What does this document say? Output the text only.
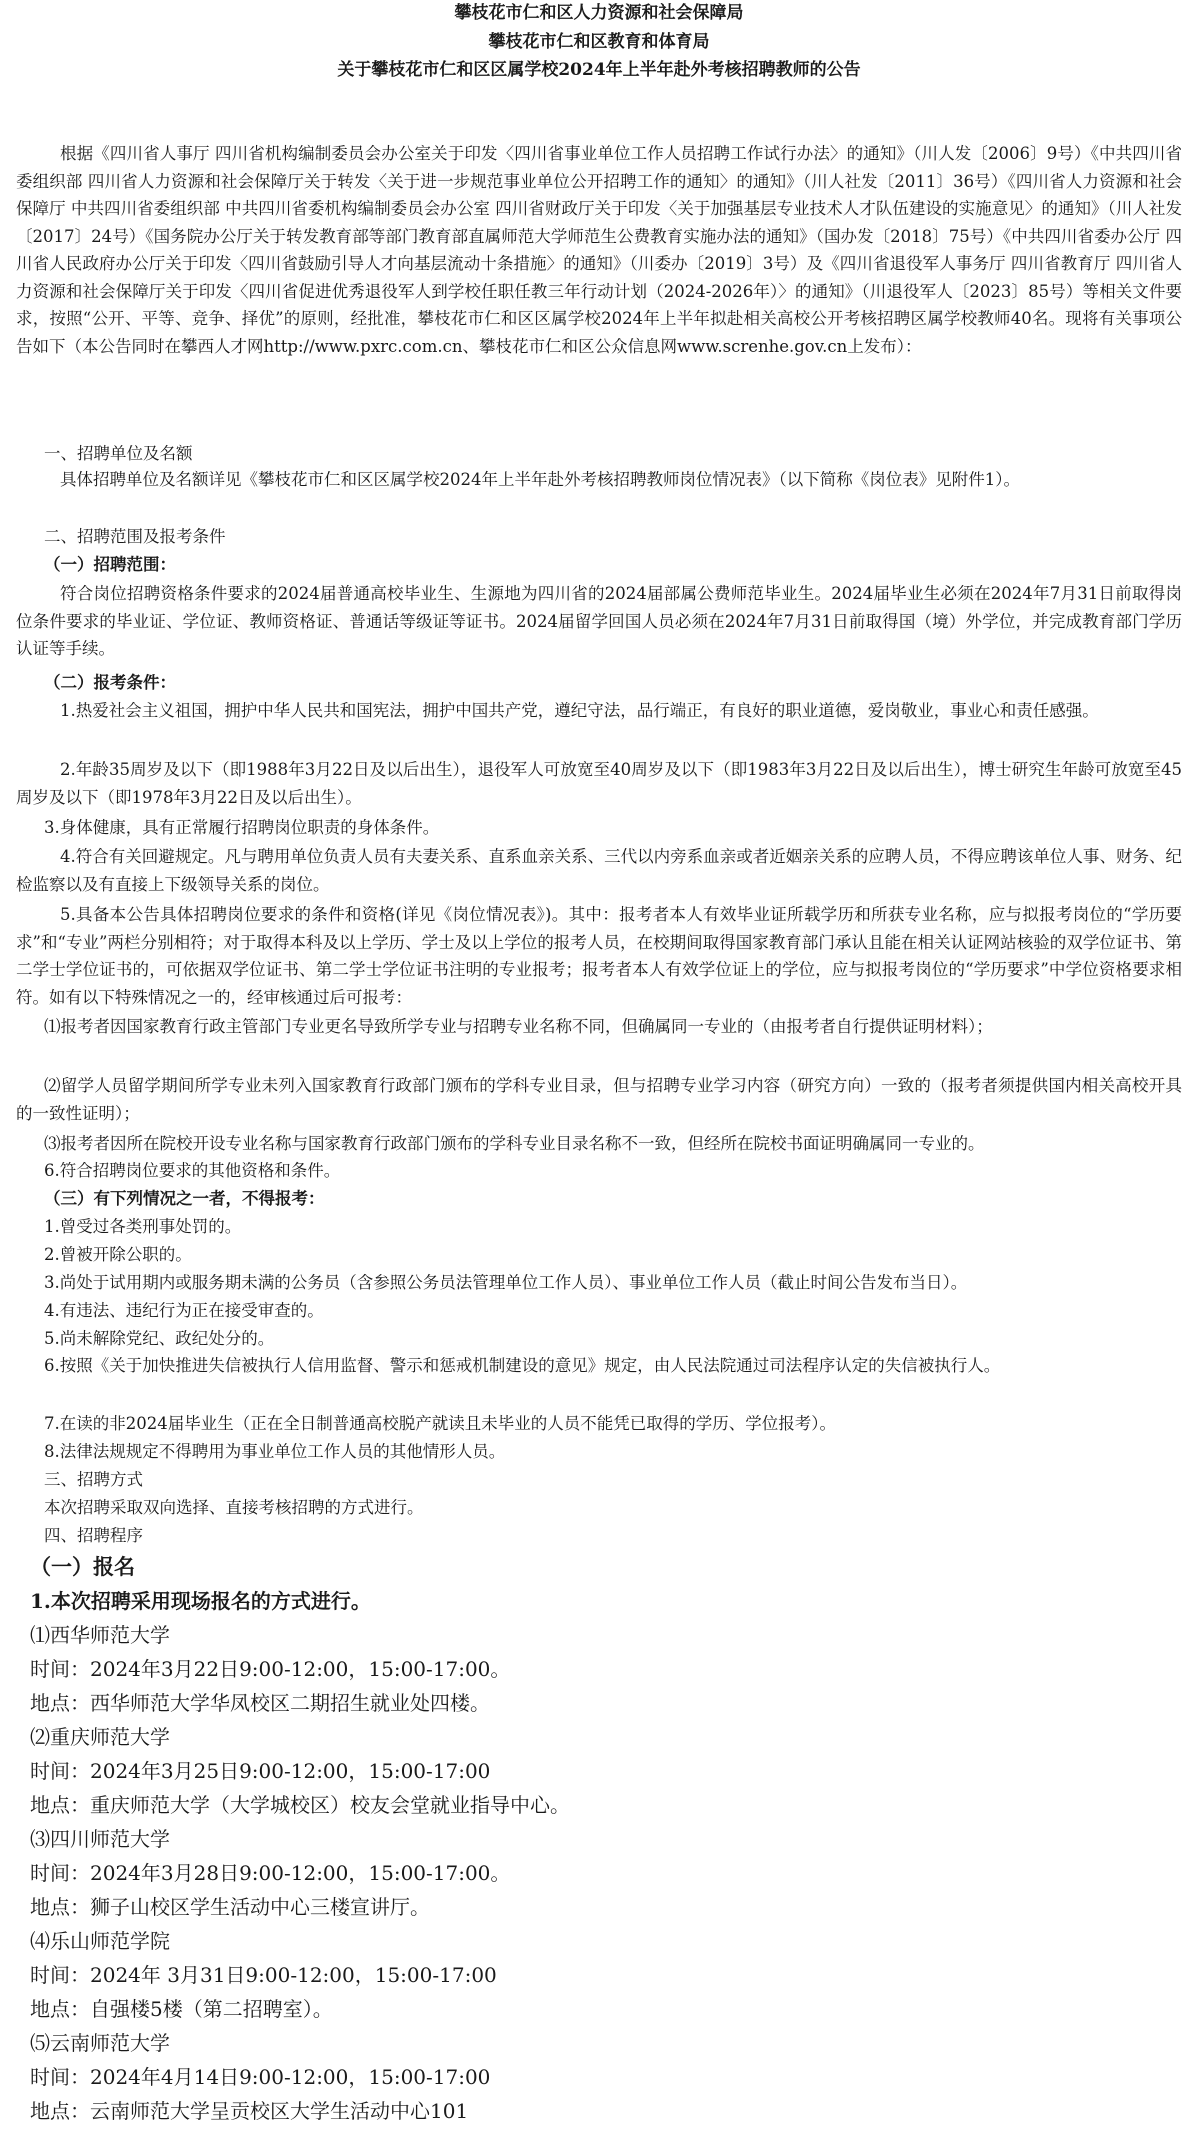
攀枝花市仁和区人力资源和社会保障局
攀枝花市仁和区教育和体育局
关于攀枝花市仁和区区属学校2024年上半年赴外考核招聘教师的公告

根据《四川省人事厅 四川省机构编制委员会办公室关于印发〈四川省事业单位工作人员招聘工作试行办法〉的通知》（川人发〔2006〕9号）《中共四川省委组织部 四川省人力资源和社会保障厅关于转发〈关于进一步规范事业单位公开招聘工作的通知〉的通知》（川人社发〔2011〕36号）《四川省人力资源和社会保障厅 中共四川省委组织部 中共四川省委机构编制委员会办公室 四川省财政厅关于印发〈关于加强基层专业技术人才队伍建设的实施意见〉的通知》（川人社发〔2017〕24号）《国务院办公厅关于转发教育部等部门教育部直属师范大学师范生公费教育实施办法的通知》（国办发〔2018〕75号）《中共四川省委办公厅 四川省人民政府办公厅关于印发〈四川省鼓励引导人才向基层流动十条措施〉的通知》（川委办〔2019〕3号）及《四川省退役军人事务厅 四川省教育厅 四川省人力资源和社会保障厅关于印发〈四川省促进优秀退役军人到学校任职任教三年行动计划（2024-2026年）〉的通知》（川退役军人〔2023〕85号）等相关文件要求，按照“公开、平等、竞争、择优”的原则，经批准，攀枝花市仁和区区属学校2024年上半年拟赴相关高校公开考核招聘区属学校教师40名。现将有关事项公告如下（本公告同时在攀西人才网http://www.pxrc.com.cn、攀枝花市仁和区公众信息网www.screnhe.gov.cn上发布）：

一、招聘单位及名额

具体招聘单位及名额详见《攀枝花市仁和区区属学校2024年上半年赴外考核招聘教师岗位情况表》（以下简称《岗位表》见附件1）。

二、招聘范围及报考条件

（一）招聘范围：

符合岗位招聘资格条件要求的2024届普通高校毕业生、生源地为四川省的2024届部属公费师范毕业生。2024届毕业生必须在2024年7月31日前取得岗位条件要求的毕业证、学位证、教师资格证、普通话等级证等证书。2024届留学回国人员必须在2024年7月31日前取得国（境）外学位，并完成教育部门学历认证等手续。

（二）报考条件：

1.热爱社会主义祖国，拥护中华人民共和国宪法，拥护中国共产党，遵纪守法，品行端正，有良好的职业道德，爱岗敬业，事业心和责任感强。

2.年龄35周岁及以下（即1988年3月22日及以后出生），退役军人可放宽至40周岁及以下（即1983年3月22日及以后出生），博士研究生年龄可放宽至45周岁及以下（即1978年3月22日及以后出生）。

3.身体健康，具有正常履行招聘岗位职责的身体条件。

4.符合有关回避规定。凡与聘用单位负责人员有夫妻关系、直系血亲关系、三代以内旁系血亲或者近姻亲关系的应聘人员，不得应聘该单位人事、财务、纪检监察以及有直接上下级领导关系的岗位。

5.具备本公告具体招聘岗位要求的条件和资格(详见《岗位情况表》)。其中：报考者本人有效毕业证所载学历和所获专业名称，应与拟报考岗位的“学历要求”和“专业”两栏分别相符；对于取得本科及以上学历、学士及以上学位的报考人员，在校期间取得国家教育部门承认且能在相关认证网站核验的双学位证书、第二学士学位证书的，可依据双学位证书、第二学士学位证书注明的专业报考；报考者本人有效学位证上的学位，应与拟报考岗位的“学历要求”中学位资格要求相符。如有以下特殊情况之一的，经审核通过后可报考：

⑴报考者因国家教育行政主管部门专业更名导致所学专业与招聘专业名称不同，但确属同一专业的（由报考者自行提供证明材料）；

⑵留学人员留学期间所学专业未列入国家教育行政部门颁布的学科专业目录，但与招聘专业学习内容（研究方向）一致的（报考者须提供国内相关高校开具的一致性证明）；

⑶报考者因所在院校开设专业名称与国家教育行政部门颁布的学科专业目录名称不一致，但经所在院校书面证明确属同一专业的。

6.符合招聘岗位要求的其他资格和条件。

（三）有下列情况之一者，不得报考：

1.曾受过各类刑事处罚的。

2.曾被开除公职的。

3.尚处于试用期内或服务期未满的公务员（含参照公务员法管理单位工作人员）、事业单位工作人员（截止时间公告发布当日）。

4.有违法、违纪行为正在接受审查的。

5.尚未解除党纪、政纪处分的。

6.按照《关于加快推进失信被执行人信用监督、警示和惩戒机制建设的意见》规定，由人民法院通过司法程序认定的失信被执行人。

7.在读的非2024届毕业生（正在全日制普通高校脱产就读且未毕业的人员不能凭已取得的学历、学位报考）。

8.法律法规规定不得聘用为事业单位工作人员的其他情形人员。

三、招聘方式

本次招聘采取双向选择、直接考核招聘的方式进行。

四、招聘程序

（一）报名

1.本次招聘采用现场报名的方式进行。

⑴西华师范大学

时间：2024年3月22日9:00-12:00，15:00-17:00。

地点：西华师范大学华凤校区二期招生就业处四楼。

⑵重庆师范大学

时间：2024年3月25日9:00-12:00，15:00-17:00

地点：重庆师范大学（大学城校区）校友会堂就业指导中心。

⑶四川师范大学

时间：2024年3月28日9:00-12:00，15:00-17:00。

地点：狮子山校区学生活动中心三楼宣讲厅。

⑷乐山师范学院

时间：2024年 3月31日9:00-12:00，15:00-17:00

地点：自强楼5楼（第二招聘室）。

⑸云南师范大学

时间：2024年4月14日9:00-12:00，15:00-17:00

地点：云南师范大学呈贡校区大学生活动中心101
